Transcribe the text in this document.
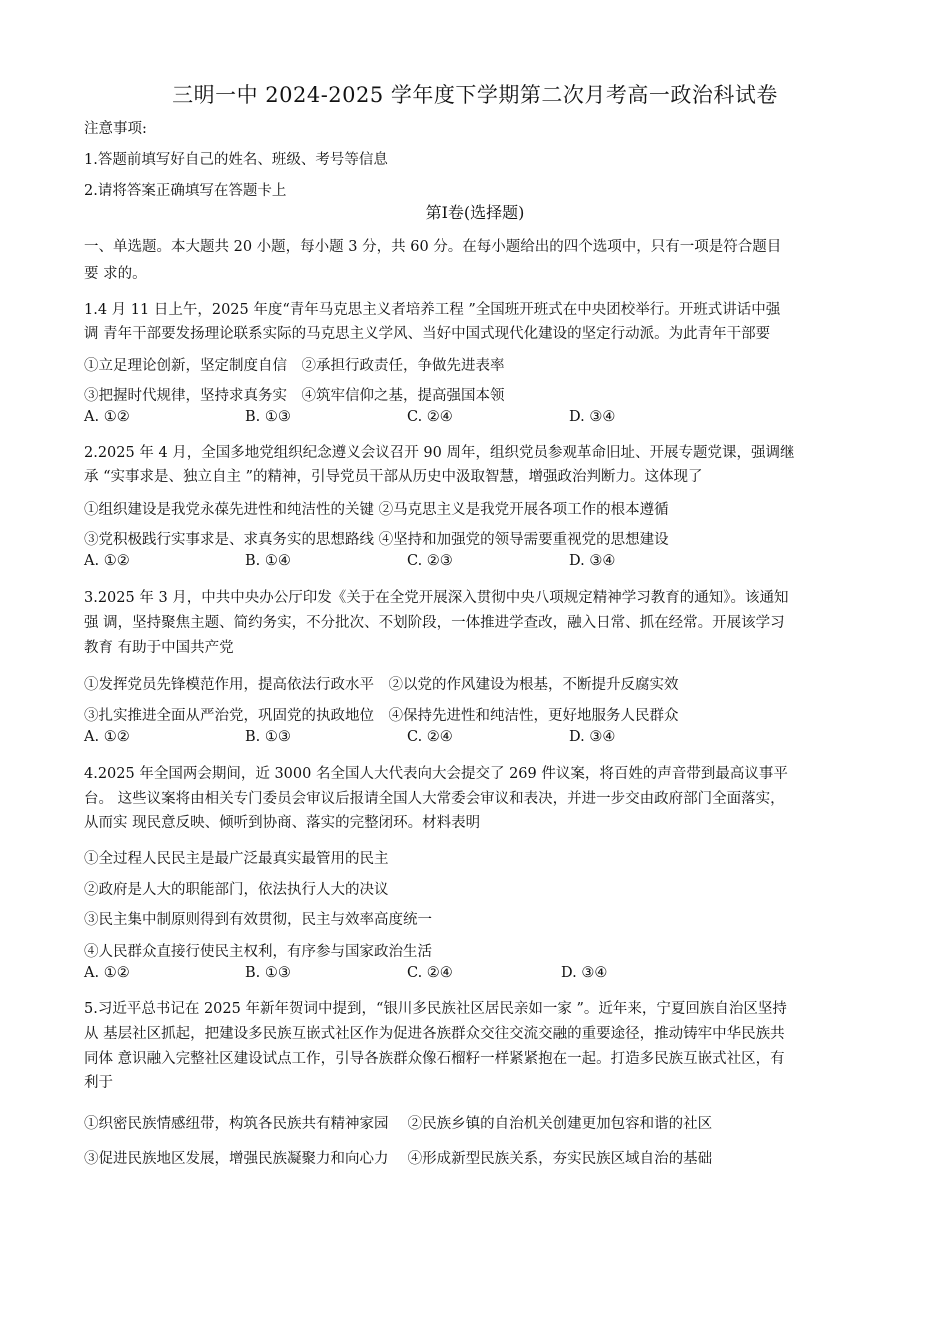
三明一中 2024-2025 学年度下学期第二次月考高一政治科试卷
注意事项:
1.答题前填写好自己的姓名、班级、考号等信息
2.请将答案正确填写在答题卡上
第Ⅰ卷(选择题)
一、单选题。本大题共 20 小题，每小题 3 分，共 60 分。在每小题给出的四个选项中，只有一项是符合题目
要 求的。
1.4 月 11 日上午，2025 年度“青年马克思主义者培养工程 ”全国班开班式在中央团校举行。开班式讲话中强
调 青年干部要发扬理论联系实际的马克思主义学风、当好中国式现代化建设的坚定行动派。为此青年干部要
①立足理论创新，坚定制度自信　②承担行政责任，争做先进表率
③把握时代规律，坚持求真务实　④筑牢信仰之基，提高强国本领
A. ①②	B. ①③	C. ②④	D. ③④
2.2025 年 4 月，全国多地党组织纪念遵义会议召开 90 周年，组织党员参观革命旧址、开展专题党课，强调继
承 “实事求是、独立自主 ”的精神，引导党员干部从历史中汲取智慧，增强政治判断力。这体现了
①组织建设是我党永葆先进性和纯洁性的关键 ②马克思主义是我党开展各项工作的根本遵循
③党积极践行实事求是、求真务实的思想路线 ④坚持和加强党的领导需要重视党的思想建设
A. ①②	B. ①④	C. ②③	D. ③④
3.2025 年 3 月，中共中央办公厅印发《关于在全党开展深入贯彻中央八项规定精神学习教育的通知》。该通知
强 调，坚持聚焦主题、简约务实，不分批次、不划阶段，一体推进学查改，融入日常、抓在经常。开展该学习
教育 有助于中国共产党
①发挥党员先锋模范作用，提高依法行政水平　②以党的作风建设为根基，不断提升反腐实效
③扎实推进全面从严治党，巩固党的执政地位　④保持先进性和纯洁性，更好地服务人民群众
A. ①②	B. ①③	C. ②④	D. ③④
4.2025 年全国两会期间，近 3000 名全国人大代表向大会提交了 269 件议案，将百姓的声音带到最高议事平
台。 这些议案将由相关专门委员会审议后报请全国人大常委会审议和表决，并进一步交由政府部门全面落实，
从而实 现民意反映、倾听到协商、落实的完整闭环。材料表明
①全过程人民民主是最广泛最真实最管用的民主
②政府是人大的职能部门，依法执行人大的决议
③民主集中制原则得到有效贯彻，民主与效率高度统一
④人民群众直接行使民主权利，有序参与国家政治生活
A. ①②	B. ①③	C. ②④	D. ③④
5.习近平总书记在 2025 年新年贺词中提到，“银川多民族社区居民亲如一家 ”。近年来，宁夏回族自治区坚持
从 基层社区抓起，把建设多民族互嵌式社区作为促进各族群众交往交流交融的重要途径，推动铸牢中华民族共
同体 意识融入完整社区建设试点工作，引导各族群众像石榴籽一样紧紧抱在一起。打造多民族互嵌式社区，有
利于
①织密民族情感纽带，构筑各民族共有精神家园　 ②民族乡镇的自治机关创建更加包容和谐的社区
③促进民族地区发展，增强民族凝聚力和向心力　 ④形成新型民族关系，夯实民族区域自治的基础
